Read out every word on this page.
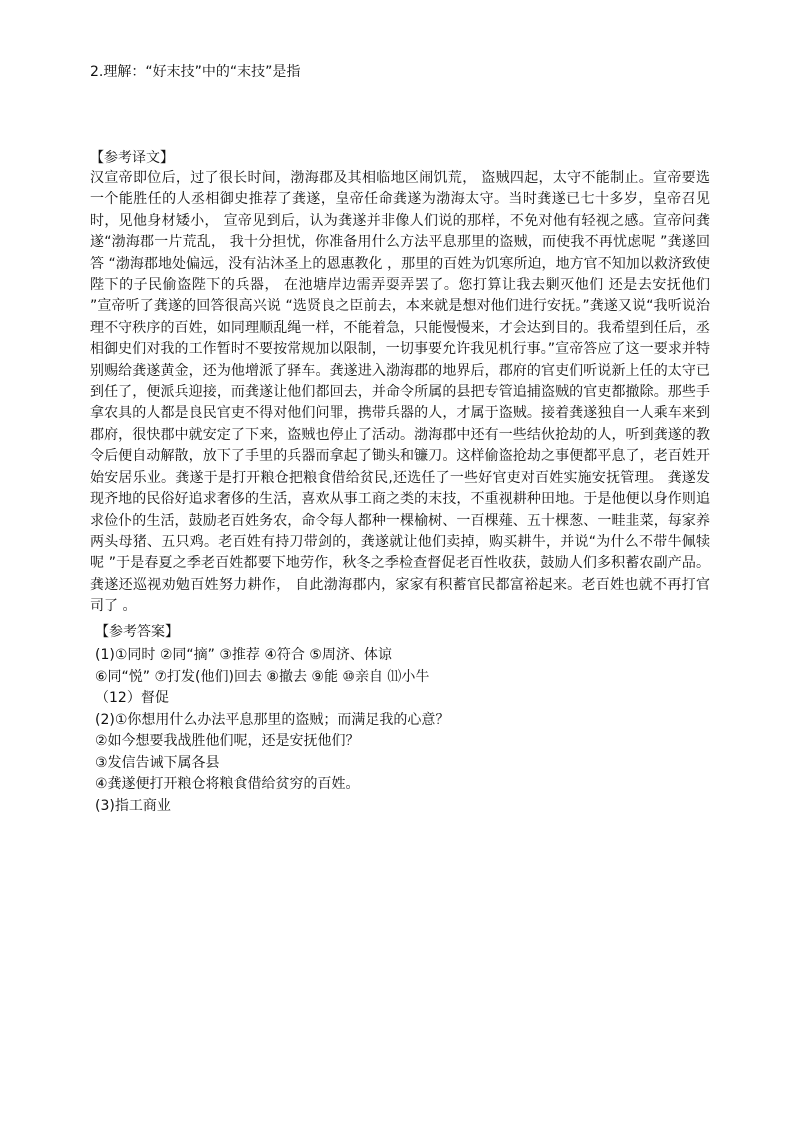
2.理解：“好末技”中的“末技”是指
【参考译文】

汉宣帝即位后，过了很长时间，渤海郡及其相临地区闹饥荒， 盗贼四起，太守不能制止。宣帝要选一个能胜任的人丞相御史推荐了龚遂，皇帝任命龚遂为渤海太守。当时龚遂已七十多岁，皇帝召见时，见他身材矮小， 宣帝见到后，认为龚遂并非像人们说的那样，不免对他有轻视之感。宣帝问龚遂“渤海郡一片荒乱， 我十分担忧，你准备用什么方法平息那里的盗贼，而使我不再忧虑呢 ”龚遂回答 “渤海郡地处偏远，没有沾沐圣上的恩惠教化 ，那里的百姓为饥寒所迫，地方官不知加以救济致使陛下的子民偷盗陛下的兵器， 在池塘岸边需弄耍弄罢了。您打算让我去剿灭他们 还是去安抚他们 ”宣帝听了龚遂的回答很高兴说 “选贤良之臣前去，本来就是想对他们进行安抚。”龚遂又说“我听说治理不守秩序的百姓，如同理顺乱绳一样，不能着急，只能慢慢来，才会达到目的。我希望到任后，丞相御史们对我的工作暂时不要按常规加以限制，一切事要允许我见机行事。”宣帝答应了这一要求并特别赐给龚遂黄金，还为他增派了驿车。龚遂进入渤海郡的地界后，郡府的官吏们听说新上任的太守已到任了，便派兵迎接，而龚遂让他们都回去，并命令所属的县把专管追捕盗贼的官吏都撤除。那些手拿农具的人都是良民官吏不得对他们问罪，携带兵器的人，才属于盗贼。接着龚遂独自一人乘车来到郡府，很快郡中就安定了下来，盗贼也停止了活动。渤海郡中还有一些结伙抢劫的人，听到龚遂的教令后便自动解散，放下了手里的兵器而拿起了锄头和镰刀。这样偷盗抢劫之事便都平息了，老百姓开始安居乐业。龚遂于是打开粮仓把粮食借给贫民,还选任了一些好官吏对百姓实施安抚管理。 龚遂发现齐地的民俗好追求奢侈的生活，喜欢从事工商之类的末技，不重视耕种田地。于是他便以身作则追求俭仆的生活，鼓励老百姓务农，命令每人都种一棵榆树、一百棵薤、五十棵葱、一畦韭菜，每家养两头母猪、五只鸡。老百姓有持刀带剑的，龚遂就让他们卖掉，购买耕牛，并说“为什么不带牛佩犊呢 ”于是春夏之季老百姓都要下地劳作，秋冬之季检查督促老百性收获，鼓励人们多积蓄农副产品。龚遂还巡视劝勉百姓努力耕作， 自此渤海郡内，家家有积蓄官民都富裕起来。老百姓也就不再打官司了 。

【参考答案】
(1)①同时 ②同“摘” ③推荐 ④符合 ⑤周济、体谅
⑥同“悦” ⑦打发(他们)回去 ⑧撤去 ⑨能 ⑩亲自 ⑾小牛
（12）督促
(2)①你想用什么办法平息那里的盗贼；而满足我的心意？
②如今想要我战胜他们呢，还是安抚他们？
③发信告诫下属各县
④龚遂便打开粮仓将粮食借给贫穷的百姓。
(3)指工商业
